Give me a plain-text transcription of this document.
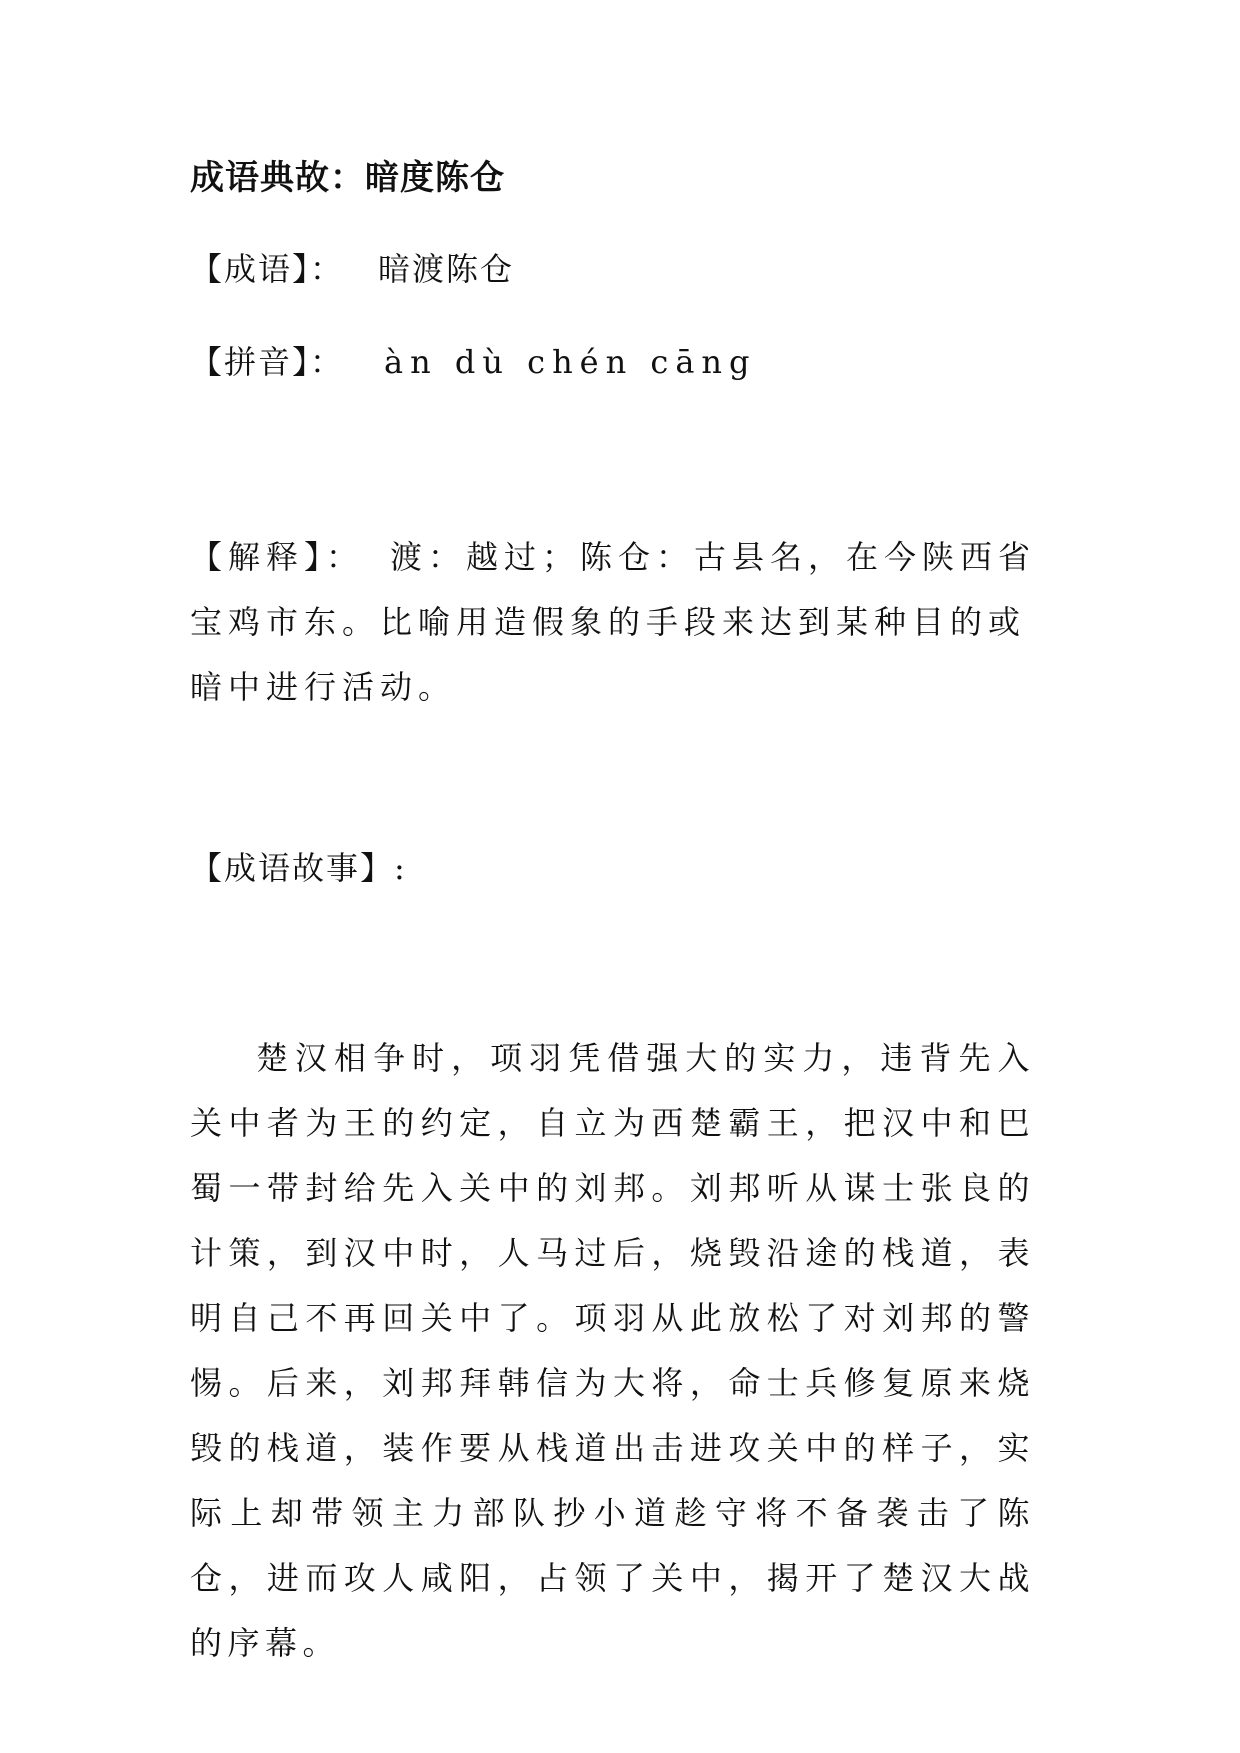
成语典故：暗度陈仓
【成语】： 暗渡陈仓
【拼音】： àn dù chén cāng
【解释】： 渡：越过；陈仓：古县名，在今陕西省宝鸡市东。比喻用造假象的手段来达到某种目的或暗中进行活动。
【成语故事】:
楚汉相争时，项羽凭借强大的实力，违背先入关中者为王的约定，自立为西楚霸王，把汉中和巴蜀一带封给先入关中的刘邦。刘邦听从谋士张良的计策，到汉中时，人马过后，烧毁沿途的栈道，表明自己不再回关中了。项羽从此放松了对刘邦的警惕。后来，刘邦拜韩信为大将，命士兵修复原来烧毁的栈道，装作要从栈道出击进攻关中的样子，实际上却带领主力部队抄小道趁守将不备袭击了陈仓，进而攻人咸阳，占领了关中，揭开了楚汉大战的序幕。
